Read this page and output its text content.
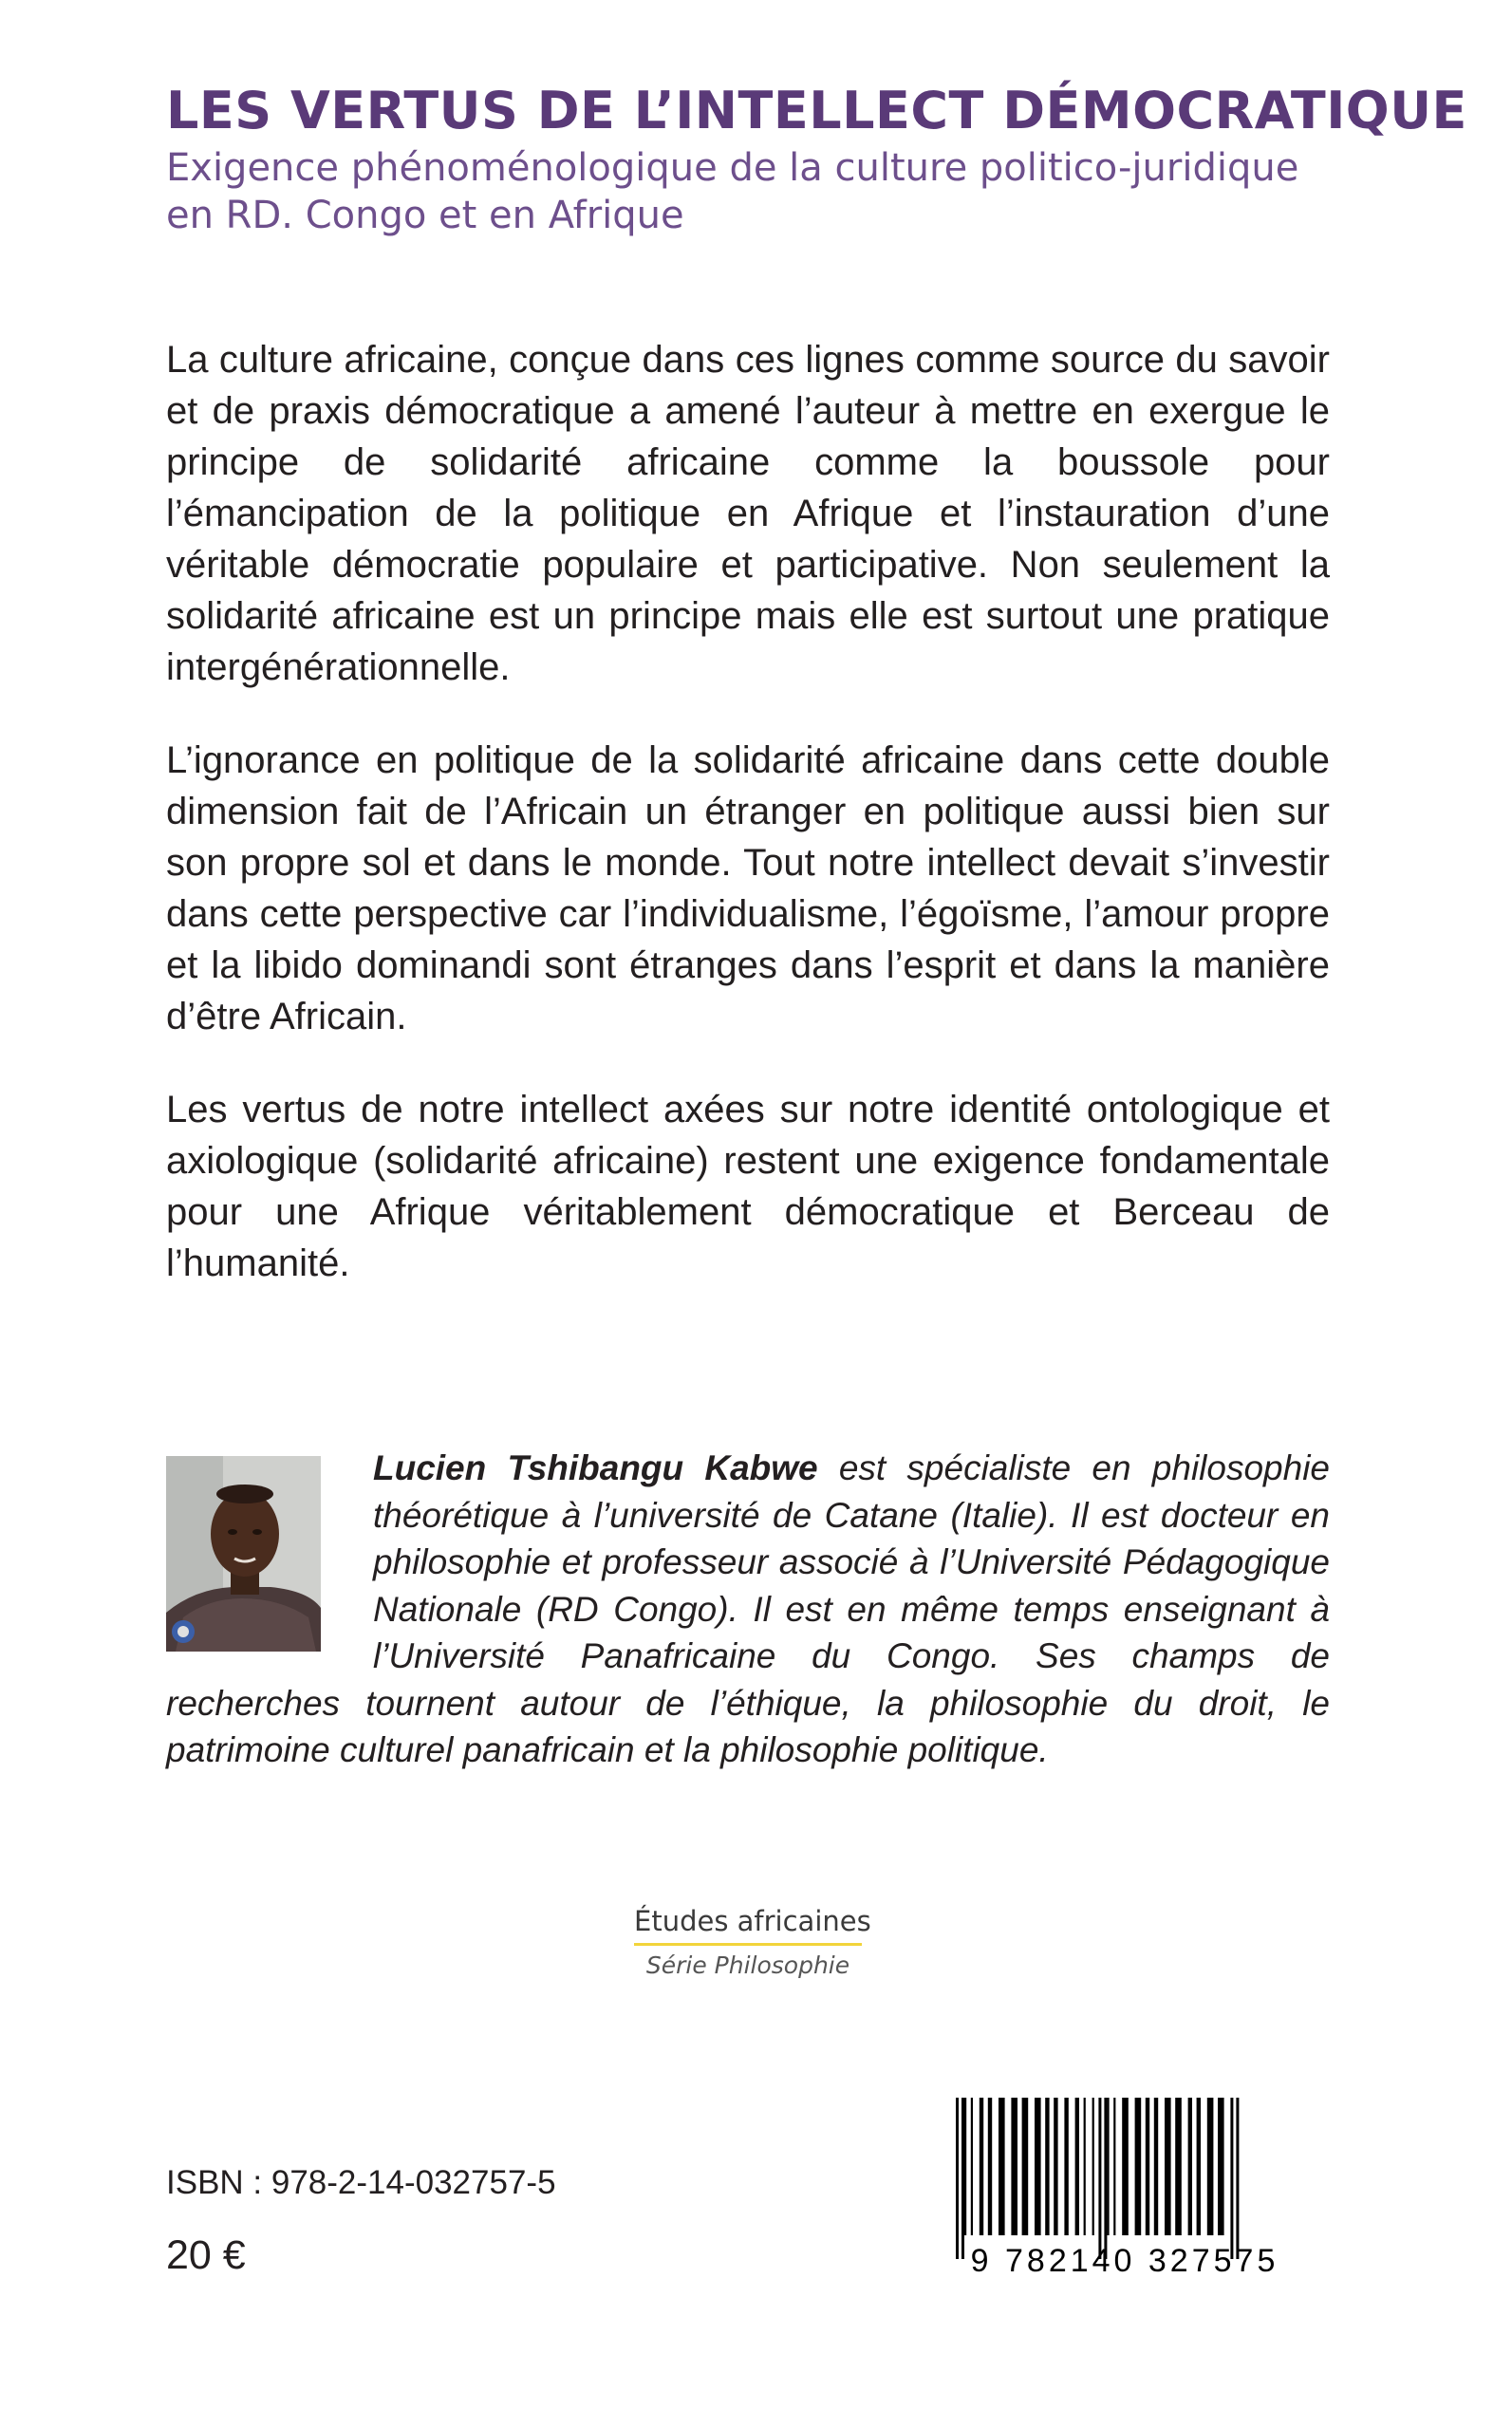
LES VERTUS DE L’INTELLECT DÉMOCRATIQUE
Exigence phénoménologique de la culture politico-juridique
en RD. Congo et en Afrique

La culture africaine, conçue dans ces lignes comme source du savoir et de praxis démocratique a amené l’auteur à mettre en exergue le principe de solidarité africaine comme la boussole pour l’émancipation de la politique en Afrique et l’instauration d’une véritable démocratie populaire et participative. Non seulement la solidarité africaine est un principe mais elle est surtout une pratique intergénérationnelle.

L’ignorance en politique de la solidarité africaine dans cette double dimension fait de l’Africain un étranger en politique aussi bien sur son propre sol et dans le monde. Tout notre intellect devait s’investir dans cette perspective car l’individualisme, l’égoïsme, l’amour propre et la libido dominandi sont étranges dans l’esprit et dans la manière d’être Africain.

Les vertus de notre intellect axées sur notre identité ontologique et axiologique (solidarité africaine) restent une exigence fondamentale pour une Afrique véritablement démocratique et Berceau de l’humanité.

Lucien Tshibangu Kabwe est spécialiste en philosophie théorétique à l’université de Catane (Italie). Il est docteur en philosophie et professeur associé à l’Université Pédagogique Nationale (RD Congo). Il est en même temps enseignant à l’Université Panafricaine du Congo. Ses champs de recherches tournent autour de l’éthique, la philosophie du droit, le patrimoine culturel panafricain et la philosophie politique.
Études africaines
Série Philosophie
ISBN : 978-2-14-032757-5
20 €	9 782140 327575
